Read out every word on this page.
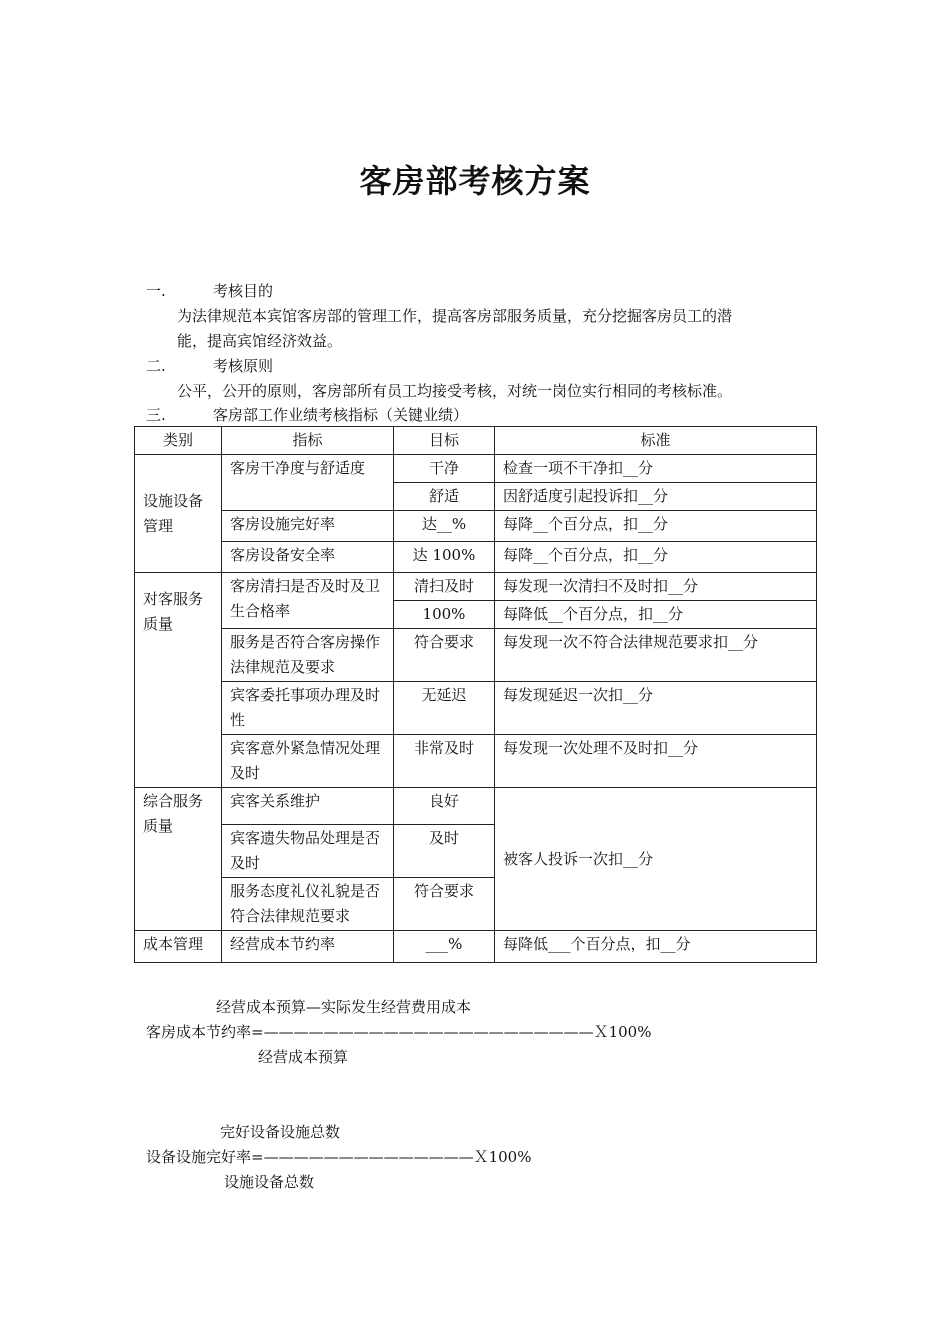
客房部考核方案
一.	考核目的
为法律规范本宾馆客房部的管理工作，提高客房部服务质量，充分挖掘客房员工的潜
能，提高宾馆经济效益。
二.	考核原则
公平，公开的原则，客房部所有员工均接受考核，对统一岗位实行相同的考核标准。
三.	客房部工作业绩考核指标（关键业绩）
类别	指标	目标	标准
设施设备管理	客房干净度与舒适度	干净	检查一项不干净扣__分
		舒适	因舒适度引起投诉扣__分
	客房设施完好率	达__%	每降__个百分点，扣__分
	客房设备安全率	达 100%	每降__个百分点，扣__分
对客服务质量	客房清扫是否及时及卫生合格率	清扫及时	每发现一次清扫不及时扣__分
		100%	每降低__个百分点，扣__分
	服务是否符合客房操作法律规范及要求	符合要求	每发现一次不符合法律规范要求扣__分
	宾客委托事项办理及时性	无延迟	每发现延迟一次扣__分
	宾客意外紧急情况处理及时	非常及时	每发现一次处理不及时扣__分
综合服务质量	宾客关系维护	良好	被客人投诉一次扣__分
	宾客遗失物品处理是否及时	及时	
	服务态度礼仪礼貌是否符合法律规范要求	符合要求	
成本管理	经营成本节约率	___%	每降低___个百分点，扣__分
经营成本预算—实际发生经营费用成本
客房成本节约率=——————————————————————Ｘ100%
经营成本预算
完好设备设施总数
设备设施完好率=——————————————Ｘ100%
设施设备总数
